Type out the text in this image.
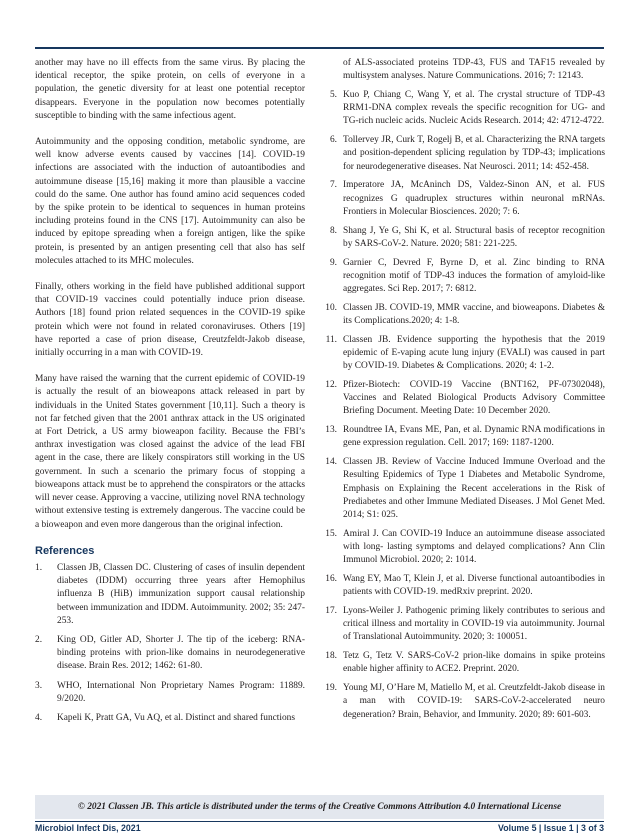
another may have no ill effects from the same virus. By placing the identical receptor, the spike protein, on cells of everyone in a population, the genetic diversity for at least one potential receptor disappears. Everyone in the population now becomes potentially susceptible to binding with the same infectious agent.

Autoimmunity and the opposing condition, metabolic syndrome, are well know adverse events caused by vaccines [14]. COVID-19 infections are associated with the induction of autoantibodies and autoimmune disease [15,16] making it more than plausible a vaccine could do the same. One author has found amino acid sequences coded by the spike protein to be identical to sequences in human proteins including proteins found in the CNS [17]. Autoimmunity can also be induced by epitope spreading when a foreign antigen, like the spike protein, is presented by an antigen presenting cell that also has self molecules attached to its MHC molecules.

Finally, others working in the field have published additional support that COVID-19 vaccines could potentially induce prion disease. Authors [18] found prion related sequences in the COVID-19 spike protein which were not found in related coronaviruses. Others [19] have reported a case of prion disease, Creutzfeldt-Jakob disease, initially occurring in a man with COVID-19.

Many have raised the warning that the current epidemic of COVID-19 is actually the result of an bioweapons attack released in part by individuals in the United States government [10,11]. Such a theory is not far fetched given that the 2001 anthrax attack in the US originated at Fort Detrick, a US army bioweapon facility. Because the FBI’s anthrax investigation was closed against the advice of the lead FBI agent in the case, there are likely conspirators still working in the US government. In such a scenario the primary focus of stopping a bioweapons attack must be to apprehend the conspirators or the attacks will never cease. Approving a vaccine, utilizing novel RNA technology without extensive testing is extremely dangerous. The vaccine could be a bioweapon and even more dangerous than the original infection.

References
1. Classen JB, Classen DC. Clustering of cases of insulin dependent diabetes (IDDM) occurring three years after Hemophilus influenza B (HiB) immunization support causal relationship between immunization and IDDM. Autoimmunity. 2002; 35: 247-253.
2. King OD, Gitler AD, Shorter J. The tip of the iceberg: RNA-binding proteins with prion-like domains in neurodegenerative disease. Brain Res. 2012; 1462: 61-80.
3. WHO, International Non Proprietary Names Program: 11889. 9/2020.
4. Kapeli K, Pratt GA, Vu AQ, et al. Distinct and shared functions
of ALS-associated proteins TDP-43, FUS and TAF15 revealed by multisystem analyses. Nature Communications. 2016; 7: 12143.
5. Kuo P, Chiang C, Wang Y, et al. The crystal structure of TDP-43 RRM1-DNA complex reveals the specific recognition for UG- and TG-rich nucleic acids. Nucleic Acids Research. 2014; 42: 4712-4722.
6. Tollervey JR, Curk T, Rogelj B, et al. Characterizing the RNA targets and position-dependent splicing regulation by TDP-43; implications for neurodegenerative diseases. Nat Neurosci. 2011; 14: 452-458.
7. Imperatore JA, McAninch DS, Valdez-Sinon AN, et al. FUS recognizes G quadruplex structures within neuronal mRNAs. Frontiers in Molecular Biosciences. 2020; 7: 6.
8. Shang J, Ye G, Shi K, et al. Structural basis of receptor recognition by SARS-CoV-2. Nature. 2020; 581: 221-225.
9. Garnier C, Devred F, Byrne D, et al. Zinc binding to RNA recognition motif of TDP-43 induces the formation of amyloid-like aggregates. Sci Rep. 2017; 7: 6812.
10. Classen JB. COVID-19, MMR vaccine, and bioweapons. Diabetes & its Complications.2020; 4: 1-8.
11. Classen JB. Evidence supporting the hypothesis that the 2019 epidemic of E-vaping acute lung injury (EVALI) was caused in part by COVID-19. Diabetes & Complications. 2020; 4: 1-2.
12. Pfizer-Biotech: COVID-19 Vaccine (BNT162, PF-07302048), Vaccines and Related Biological Products Advisory Committee Briefing Document. Meeting Date: 10 December 2020.
13. Roundtree IA, Evans ME, Pan, et al. Dynamic RNA modifications in gene expression regulation. Cell. 2017; 169: 1187-1200.
14. Classen JB. Review of Vaccine Induced Immune Overload and the Resulting Epidemics of Type 1 Diabetes and Metabolic Syndrome, Emphasis on Explaining the Recent accelerations in the Risk of Prediabetes and other Immune Mediated Diseases. J Mol Genet Med. 2014; S1: 025.
15. Amiral J. Can COVID-19 Induce an autoimmune disease associated with long- lasting symptoms and delayed complications? Ann Clin Immunol Microbiol. 2020; 2: 1014.
16. Wang EY, Mao T, Klein J, et al. Diverse functional autoantibodies in patients with COVID-19. medRxiv preprint. 2020.
17. Lyons-Weiler J. Pathogenic priming likely contributes to serious and critical illness and mortality in COVID-19 via autoimmunity. Journal of Translational Autoimmunity. 2020; 3: 100051.
18. Tetz G, Tetz V. SARS-CoV-2 prion-like domains in spike proteins enable higher affinity to ACE2. Preprint. 2020.
19. Young MJ, O’Hare M, Matiello M, et al. Creutzfeldt-Jakob disease in a man with COVID-19: SARS-CoV-2-accelerated neuro degeneration? Brain, Behavior, and Immunity. 2020; 89: 601-603.
© 2021 Classen JB. This article is distributed under the terms of the Creative Commons Attribution 4.0 International License
Microbiol Infect Dis, 2021	Volume 5 | Issue 1 | 3 of 3
